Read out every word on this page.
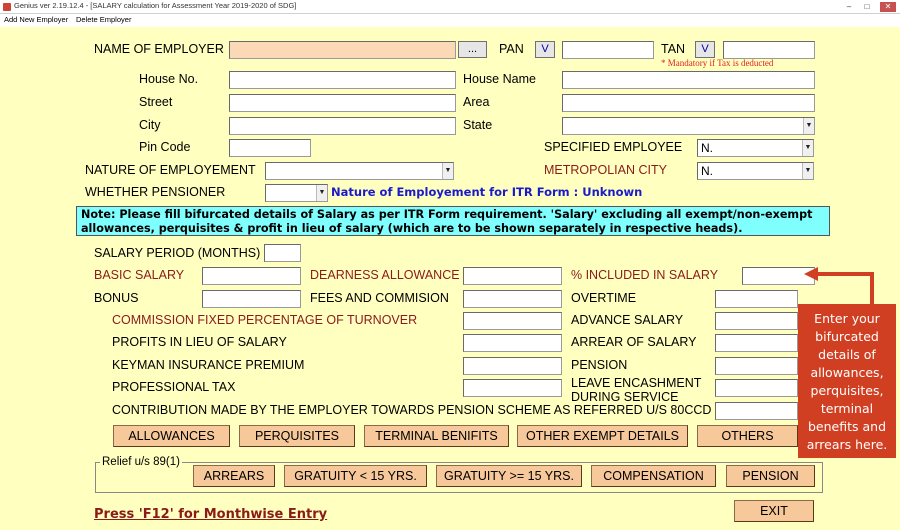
Genius ver 2.19.12.4 - [SALARY calculation for Assessment Year 2019-2020 of SDG]	–	□	✕
Add New Employer Delete Employer
NAME OF EMPLOYER	...	PAN	V	TAN	V
* Mandatory if Tax is deducted
House No.	House Name
Street	Area
City	State	▼
Pin Code	SPECIFIED EMPLOYEE	N.	▼
NATURE OF EMPLOYEMENT	▼	METROPOLIAN CITY	N.	▼
WHETHER PENSIONER	▼ Nature of Employement for ITR Form : Unknown
Note: Please fill bifurcated details of Salary as per ITR Form requirement. 'Salary' excluding all exempt/non-exempt allowances, perquisites & profit in lieu of salary (which are to be shown separately in respective heads).
SALARY PERIOD (MONTHS)
BASIC SALARY	DEARNESS ALLOWANCE	% INCLUDED IN SALARY
BONUS	FEES AND COMMISION	OVERTIME
COMMISSION FIXED PERCENTAGE OF TURNOVER	ADVANCE SALARY
PROFITS IN LIEU OF SALARY	ARREAR OF SALARY
KEYMAN INSURANCE PREMIUM	PENSION
PROFESSIONAL TAX	LEAVE ENCASHMENT
DURING SERVICE
CONTRIBUTION MADE BY THE EMPLOYER TOWARDS PENSION SCHEME AS REFERRED U/S 80CCD
ALLOWANCES	PERQUISITES	TERMINAL BENIFITS	OTHER EXEMPT DETAILS	OTHERS
Relief u/s 89(1)
ARREARS	GRATUITY < 15 YRS.	GRATUITY >= 15 YRS.	COMPENSATION	PENSION
Press 'F12' for Monthwise Entry	EXIT
Enter your
bifurcated
details of
allowances,
perquisites,
terminal
benefits and
arrears here.
